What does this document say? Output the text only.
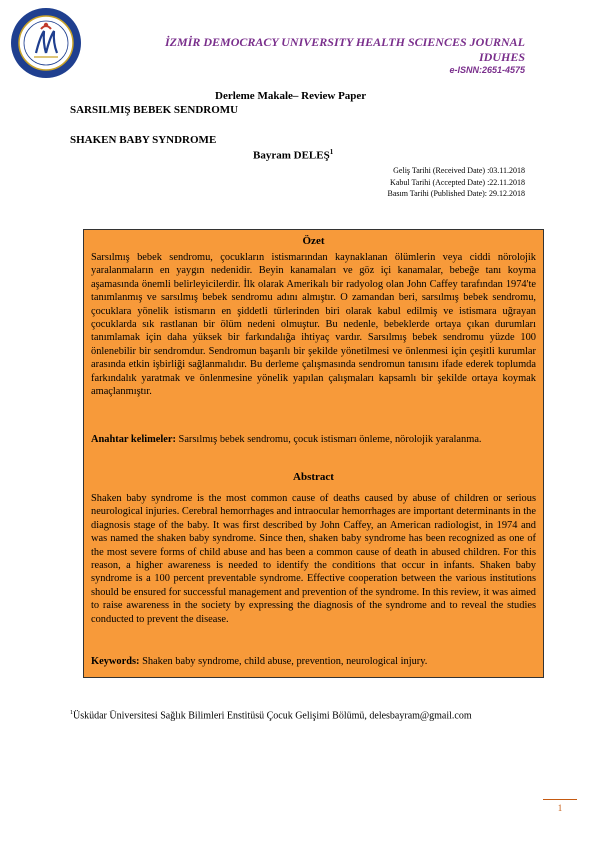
İZMİR DEMOCRACY UNIVERSITY HEALTH SCIENCES JOURNAL
IDUHES
e-ISNN:2651-4575
Derleme Makale– Review Paper
SARSILMIŞ BEBEK SENDROMU
SHAKEN BABY SYNDROME
Bayram DELEŞ$^1$
Geliş Tarihi (Received Date) :03.11.2018
Kabul Tarihi (Accepted Date) :22.11.2018
Basım Tarihi (Published Date): 29.12.2018
Özet
Sarsılmış bebek sendromu, çocukların istismarından kaynaklanan ölümlerin veya ciddi nörolojik yaralanmaların en yaygın nedenidir. Beyin kanamaları ve göz içi kanamalar, bebeğe tanı koyma aşamasında önemli belirleyicilerdir. İlk olarak Amerikalı bir radyolog olan John Caffey tarafından 1974'te tanımlanmış ve sarsılmış bebek sendromu adını almıştır. O zamandan beri, sarsılmış bebek sendromu, çocuklara yönelik istismarın en şiddetli türlerinden biri olarak kabul edilmiş ve istismara uğrayan çocuklarda sık rastlanan bir ölüm nedeni olmuştur. Bu nedenle, bebeklerde ortaya çıkan durumları tanımlamak için daha yüksek bir farkındalığa ihtiyaç vardır. Sarsılmış bebek sendromu yüzde 100 önlenebilir bir sendromdur. Sendromun başarılı bir şekilde yönetilmesi ve önlenmesi için çeşitli kurumlar arasında etkin işbirliği sağlanmalıdır. Bu derleme çalışmasında sendromun tanısını ifade ederek toplumda farkındalık yaratmak ve önlenmesine yönelik yapılan çalışmaları kapsamlı bir şekilde ortaya koymak amaçlanmıştır.
Anahtar kelimeler: Sarsılmış bebek sendromu, çocuk istismarı önleme, nörolojik yaralanma.
Abstract
Shaken baby syndrome is the most common cause of deaths caused by abuse of children or serious neurological injuries. Cerebral hemorrhages and intraocular hemorrhages are important determinants in the diagnosis stage of the baby. It was first described by John Caffey, an American radiologist, in 1974 and was named the shaken baby syndrome. Since then, shaken baby syndrome has been recognized as one of the most severe forms of child abuse and has been a common cause of death in abused children. For this reason, a higher awareness is needed to identify the conditions that occur in infants. Shaken baby syndrome is a 100 percent preventable syndrome. Effective cooperation between the various institutions should be ensured for successful management and prevention of the syndrome. In this review, it was aimed to raise awareness in the society by expressing the diagnosis of the syndrome and to reveal the studies conducted to prevent the disease.
Keywords: Shaken baby syndrome, child abuse, prevention, neurological injury.
$^1$Üsküdar Üniversitesi Sağlık Bilimleri Enstitüsü Çocuk Gelişimi Bölümü, delesbayram@gmail.com
1
